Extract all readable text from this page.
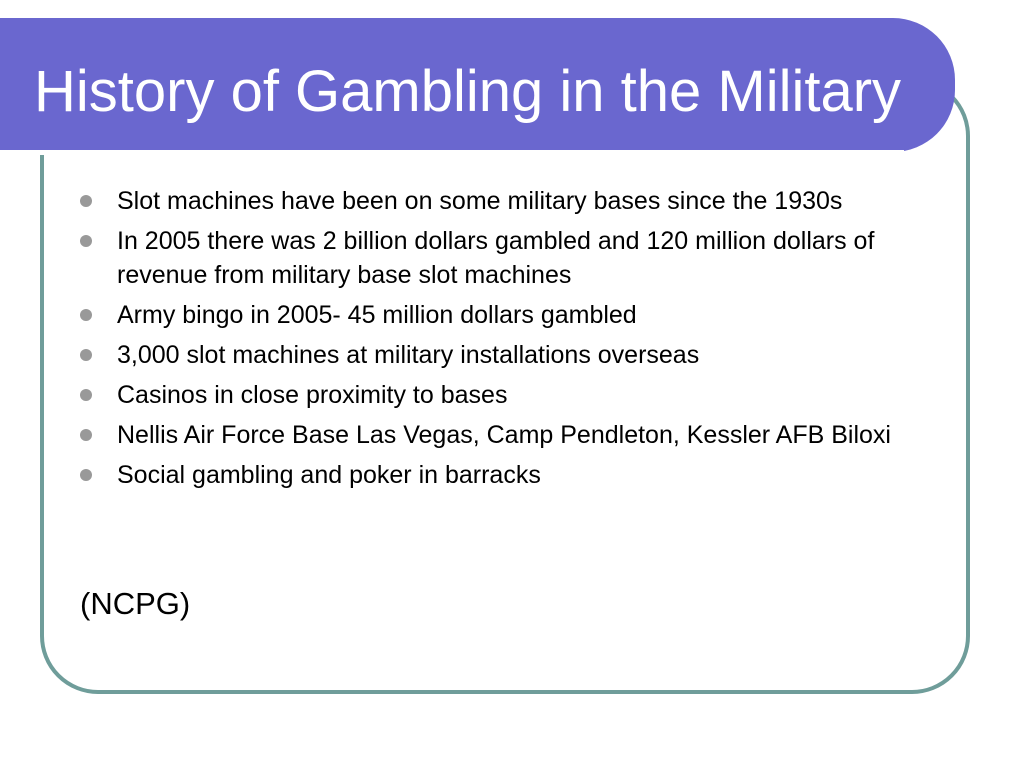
History of Gambling in the Military
Slot machines have been on some military bases since the 1930s
In 2005 there was 2 billion dollars gambled and 120 million dollars of revenue from military base slot machines
Army bingo in 2005- 45 million dollars gambled
3,000 slot machines at military installations overseas
Casinos in close proximity to bases
Nellis Air Force Base Las Vegas, Camp Pendleton, Kessler AFB Biloxi
Social gambling and poker in barracks

(NCPG)
